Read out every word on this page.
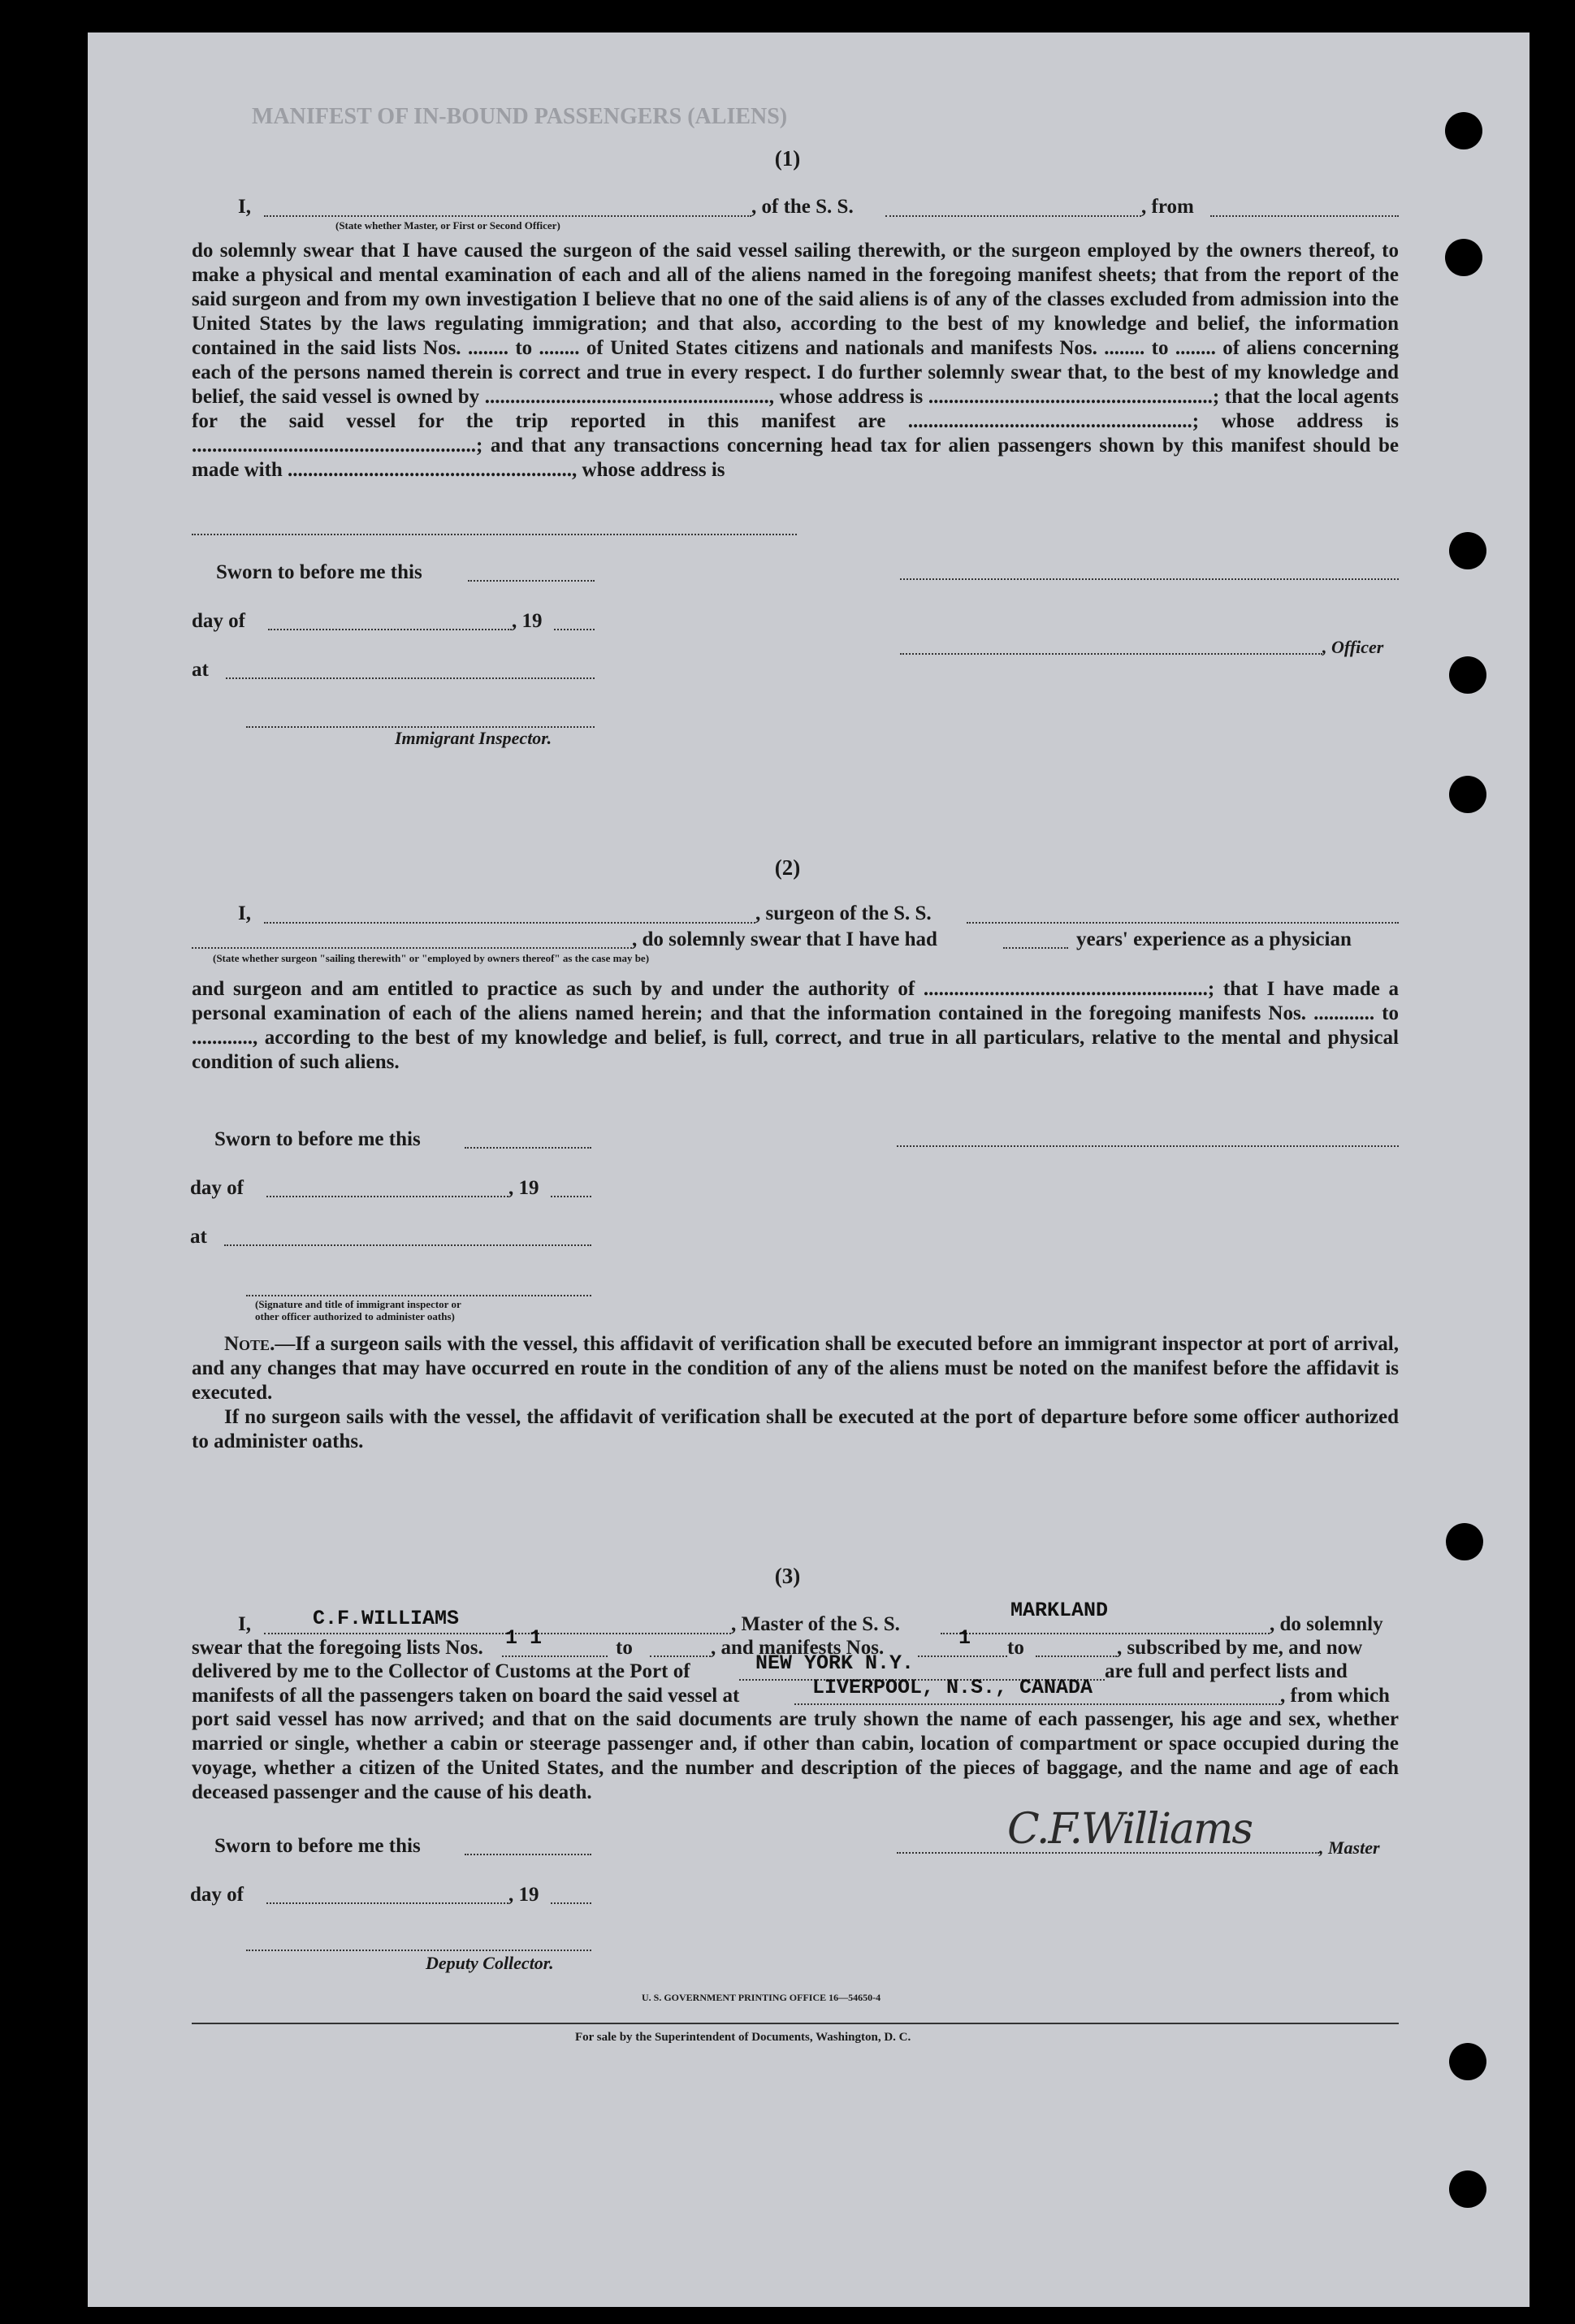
MANIFEST OF IN-BOUND PASSENGERS (ALIENS)
(1)
I,	, of the S. S.	, from
(State whether Master, or First or Second Officer)

do solemnly swear that I have caused the surgeon of the said vessel sailing therewith, or the surgeon employed by the owners thereof, to make a physical and mental examination of each and all of the aliens named in the foregoing manifest sheets; that from the report of the said surgeon and from my own investigation I believe that no one of the said aliens is of any of the classes excluded from admission into the United States by the laws regulating immigration; and that also, according to the best of my knowledge and belief, the information contained in the said lists Nos. ........ to ........ of United States citizens and nationals and manifests Nos. ........ to ........ of aliens concerning each of the persons named therein is correct and true in every respect. I do further solemnly swear that, to the best of my knowledge and belief, the said vessel is owned by ........................................................, whose address is ........................................................; that the local agents for the said vessel for the trip reported in this manifest are ........................................................; whose address is ........................................................; and that any transactions concerning head tax for alien passengers shown by this manifest should be made with ........................................................, whose address is

Sworn to before me this
day of	, 19
at
Immigrant Inspector.
, Officer
(2)
I,	, surgeon of the S. S.
, do solemnly swear that I have had	years' experience as a physician
(State whether surgeon "sailing therewith" or "employed by owners thereof" as the case may be)

and surgeon and am entitled to practice as such by and under the authority of ........................................................; that I have made a personal examination of each of the aliens named herein; and that the information contained in the foregoing manifests Nos. ............ to ............, according to the best of my knowledge and belief, is full, correct, and true in all particulars, relative to the mental and physical condition of such aliens.

Sworn to before me this
day of	, 19
at
(Signature and title of immigrant inspector or
other officer authorized to administer oaths)

Note.—If a surgeon sails with the vessel, this affidavit of verification shall be executed before an immigrant inspector at port of arrival, and any changes that may have occurred en route in the condition of any of the aliens must be noted on the manifest before the affidavit is executed.

If no surgeon sails with the vessel, the affidavit of verification shall be executed at the port of departure before some officer authorized to administer oaths.

(3)
I,	C.F.WILLIAMS	, Master of the S. S.
MARKLAND
, do solemnly
swear that the foregoing lists Nos. 1 1	to	, and manifests Nos.	1 to	, subscribed by me, and now
delivered by me to the Collector of Customs at the Port of	NEW YORK N.Y.	are full and perfect lists and
manifests of all the passengers taken on board the said vessel at	LIVERPOOL, N.S., CANADA	, from which

port said vessel has now arrived; and that on the said documents are truly shown the name of each passenger, his age and sex, whether married or single, whether a cabin or steerage passenger and, if other than cabin, location of compartment or space occupied during the voyage, whether a citizen of the United States, and the number and description of the pieces of baggage, and the name and age of each deceased passenger and the cause of his death.

Sworn to before me this
day of	, 19
Deputy Collector.
C.F.Williams	, Master
U. S. GOVERNMENT PRINTING OFFICE 16—54650-4
For sale by the Superintendent of Documents, Washington, D. C.
